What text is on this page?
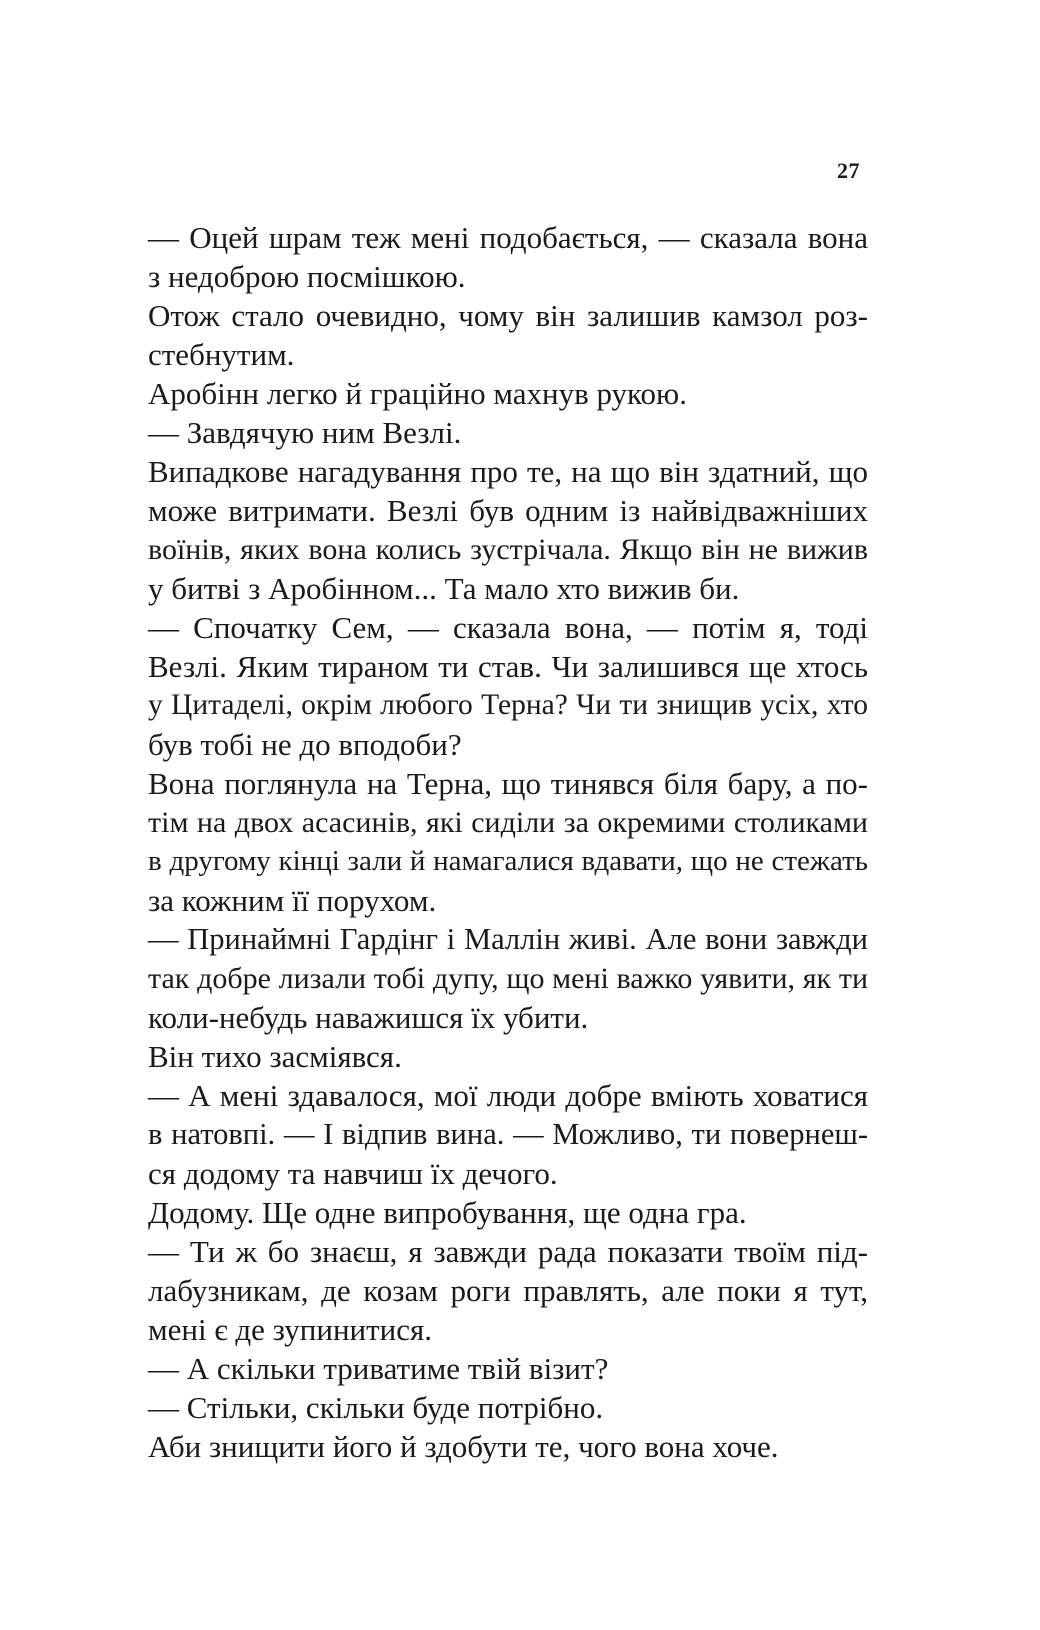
27
— Оцей шрам теж мені подобається, — сказала вона
з недоброю посмішкою.
Отож стало очевидно, чому він залишив камзол роз-
стебнутим.
Аробінн легко й граційно махнув рукою.
— Завдячую ним Везлі.
Випадкове нагадування про те, на що він здатний, що
може витримати. Везлі був одним із найвідважніших
воїнів, яких вона колись зустрічала. Якщо він не вижив
у битві з Аробінном... Та мало хто вижив би.
— Спочатку Сем, — сказала вона, — потім я, тоді
Везлі. Яким тираном ти став. Чи залишився ще хтось
у Цитаделі, окрім любого Терна? Чи ти знищив усіх, хто
був тобі не до вподоби?
Вона поглянула на Терна, що тинявся біля бару, а по-
тім на двох асасинів, які сиділи за окремими столиками
в другому кінці зали й намагалися вдавати, що не стежать
за кожним її порухом.
— Принаймні Гардінг і Маллін живі. Але вони завжди
так добре лизали тобі дупу, що мені важко уявити, як ти
коли-небудь наважишся їх убити.
Він тихо засміявся.
— А мені здавалося, мої люди добре вміють ховатися
в натовпі. — І відпив вина. — Можливо, ти повернеш-
ся додому та навчиш їх дечого.
Додому. Ще одне випробування, ще одна гра.
— Ти ж бо знаєш, я завжди рада показати твоїм під-
лабузникам, де козам роги правлять, але поки я тут,
мені є де зупинитися.
— А скільки триватиме твій візит?
— Стільки, скільки буде потрібно.
Аби знищити його й здобути те, чого вона хоче.
